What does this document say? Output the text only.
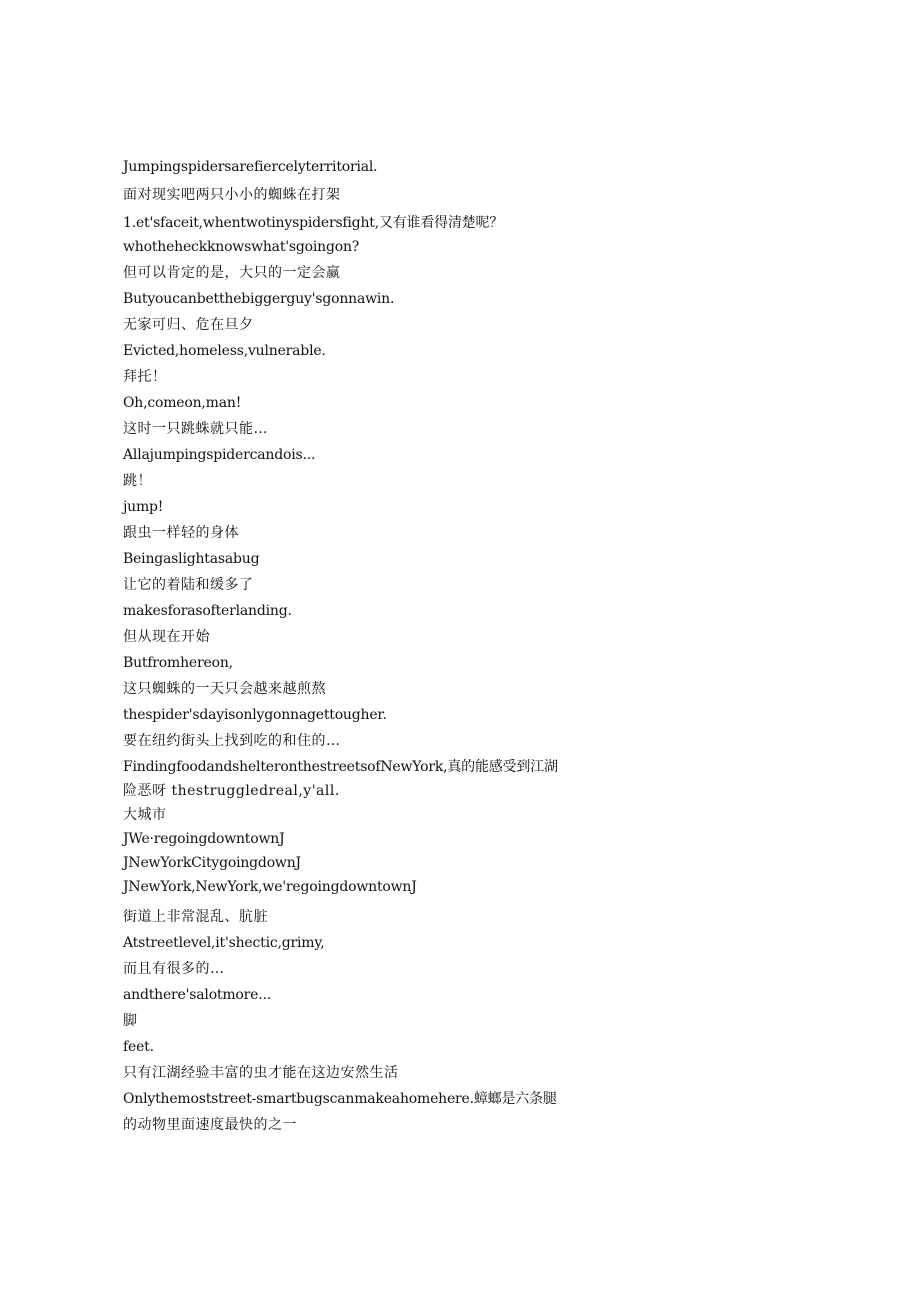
Jumpingspidersarefiercelyterritorial.

面对现实吧两只小小的蜘蛛在打架

1.et'sfaceit,whentwotinyspidersfight,又有谁看得清楚呢？

whotheheckknowswhat'sgoingon?

但可以肯定的是，大只的一定会赢

Butyoucanbetthebiggerguy'sgonnawin.

无家可归、危在旦夕

Evicted,homeless,vulnerable.

拜托！

Oh,comeon,man!

这时一只跳蛛就只能…

Allajumpingspidercandois...

跳！

jump!

跟虫一样轻的身体

Beingaslightasabug

让它的着陆和缓多了

makesforasofterlanding.

但从现在开始

Butfromhereon,

这只蜘蛛的一天只会越来越煎熬

thespider'sdayisonlygonnagettougher.

要在纽约街头上找到吃的和住的…

FindingfoodandshelteronthestreetsofNewYork,真的能感受到江湖

险恶呀 thestruggledreal,y'all.

大城市

JWe·regoingdowntownJ

JNewYorkCitygoingdownJ

JNewYork,NewYork,we'regoingdowntownJ

街道上非常混乱、肮脏

Atstreetlevel,it'shectic,grimy,

而且有很多的…

andthere'salotmore...

脚

feet.

只有江湖经验丰富的虫才能在这边安然生活

Onlythemoststreet-smartbugscanmakeahomehere.蟑螂是六条腿

的动物里面速度最快的之一
